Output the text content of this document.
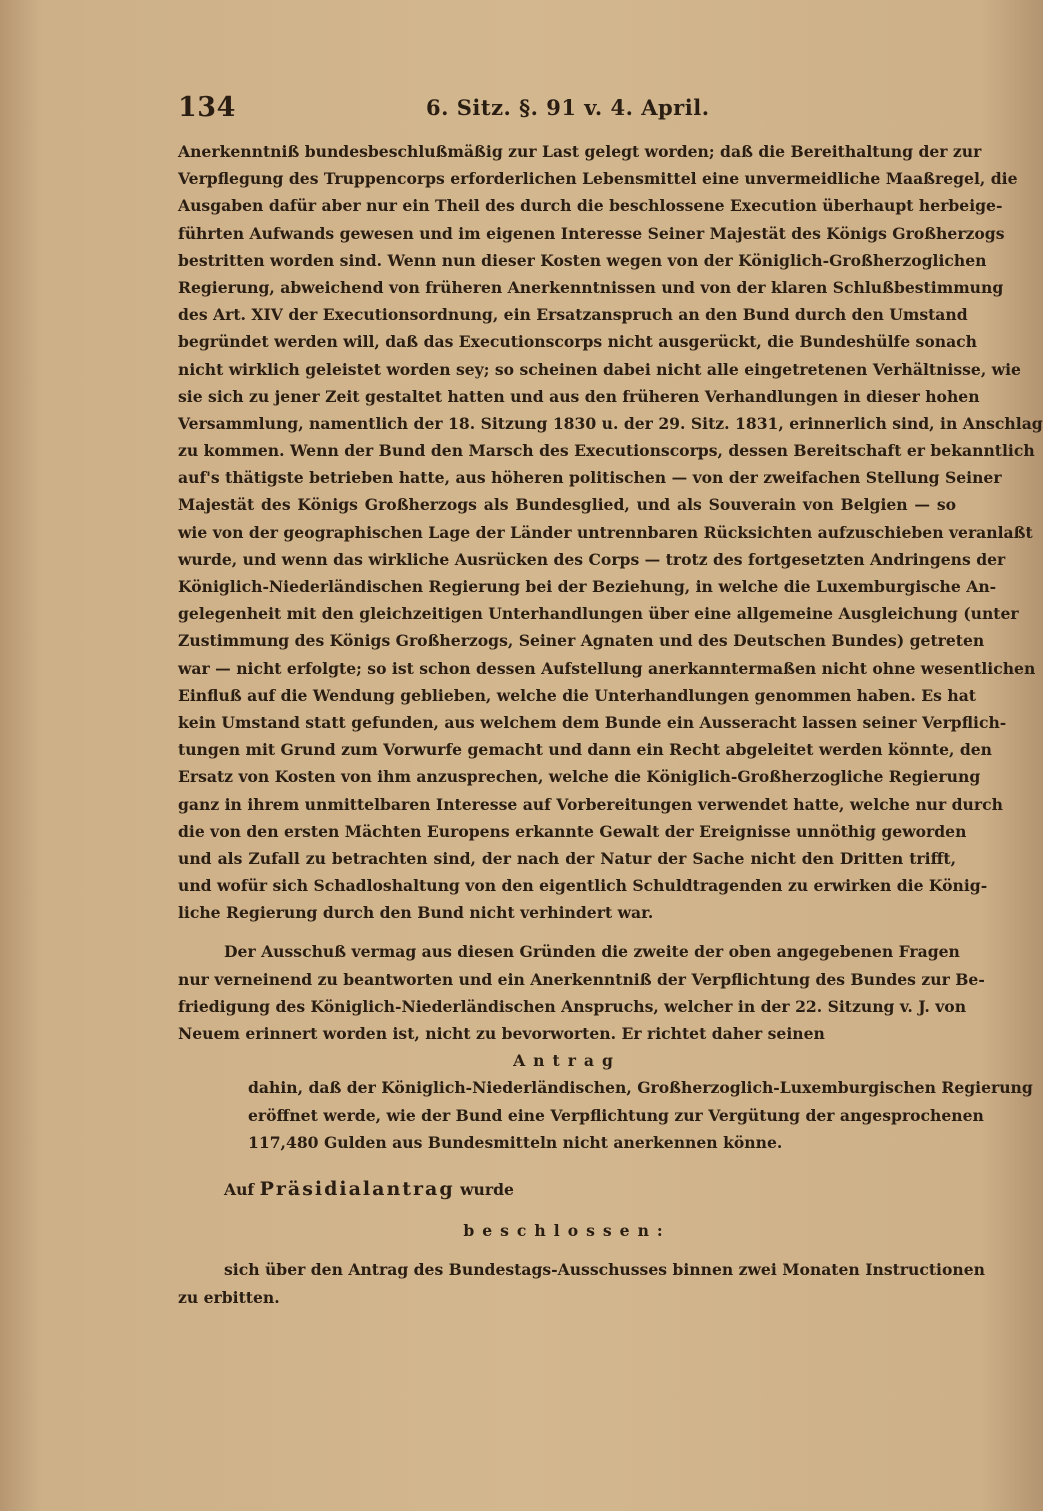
134	6. Sitz. §. 91 v. 4. April.
Anerkenntniß bundesbeschlußmäßig zur Last gelegt worden; daß die Bereithaltung der zur
Verpflegung des Truppencorps erforderlichen Lebensmittel eine unvermeidliche Maaßregel, die
Ausgaben dafür aber nur ein Theil des durch die beschlossene Execution überhaupt herbeige-
führten Aufwands gewesen und im eigenen Interesse Seiner Majestät des Königs Großherzogs
bestritten worden sind. Wenn nun dieser Kosten wegen von der Königlich-Großherzoglichen
Regierung, abweichend von früheren Anerkenntnissen und von der klaren Schlußbestimmung
des Art. XIV der Executionsordnung, ein Ersatzanspruch an den Bund durch den Umstand
begründet werden will, daß das Executionscorps nicht ausgerückt, die Bundeshülfe sonach
nicht wirklich geleistet worden sey; so scheinen dabei nicht alle eingetretenen Verhältnisse, wie
sie sich zu jener Zeit gestaltet hatten und aus den früheren Verhandlungen in dieser hohen
Versammlung, namentlich der 18. Sitzung 1830 u. der 29. Sitz. 1831, erinnerlich sind, in Anschlag
zu kommen. Wenn der Bund den Marsch des Executionscorps, dessen Bereitschaft er bekanntlich
auf's thätigste betrieben hatte, aus höheren politischen — von der zweifachen Stellung Seiner
Majestät des Königs Großherzogs als Bundesglied, und als Souverain von Belgien — so
wie von der geographischen Lage der Länder untrennbaren Rücksichten aufzuschieben veranlaßt
wurde, und wenn das wirkliche Ausrücken des Corps — trotz des fortgesetzten Andringens der
Königlich-Niederländischen Regierung bei der Beziehung, in welche die Luxemburgische An-
gelegenheit mit den gleichzeitigen Unterhandlungen über eine allgemeine Ausgleichung (unter
Zustimmung des Königs Großherzogs, Seiner Agnaten und des Deutschen Bundes) getreten
war — nicht erfolgte; so ist schon dessen Aufstellung anerkanntermaßen nicht ohne wesentlichen
Einfluß auf die Wendung geblieben, welche die Unterhandlungen genommen haben. Es hat
kein Umstand statt gefunden, aus welchem dem Bunde ein Ausseracht lassen seiner Verpflich-
tungen mit Grund zum Vorwurfe gemacht und dann ein Recht abgeleitet werden könnte, den
Ersatz von Kosten von ihm anzusprechen, welche die Königlich-Großherzogliche Regierung
ganz in ihrem unmittelbaren Interesse auf Vorbereitungen verwendet hatte, welche nur durch
die von den ersten Mächten Europens erkannte Gewalt der Ereignisse unnöthig geworden
und als Zufall zu betrachten sind, der nach der Natur der Sache nicht den Dritten trifft,
und wofür sich Schadloshaltung von den eigentlich Schuldtragenden zu erwirken die König-
liche Regierung durch den Bund nicht verhindert war.
Der Ausschuß vermag aus diesen Gründen die zweite der oben angegebenen Fragen
nur verneinend zu beantworten und ein Anerkenntniß der Verpflichtung des Bundes zur Be-
friedigung des Königlich-Niederländischen Anspruchs, welcher in der 22. Sitzung v. J. von
Neuem erinnert worden ist, nicht zu bevorworten. Er richtet daher seinen
Antrag
dahin, daß der Königlich-Niederländischen, Großherzoglich-Luxemburgischen Regierung
eröffnet werde, wie der Bund eine Verpflichtung zur Vergütung der angesprochenen
117,480 Gulden aus Bundesmitteln nicht anerkennen könne.
Auf Präsidialantrag wurde
beschlossen:
sich über den Antrag des Bundestags-Ausschusses binnen zwei Monaten Instructionen
zu erbitten.
